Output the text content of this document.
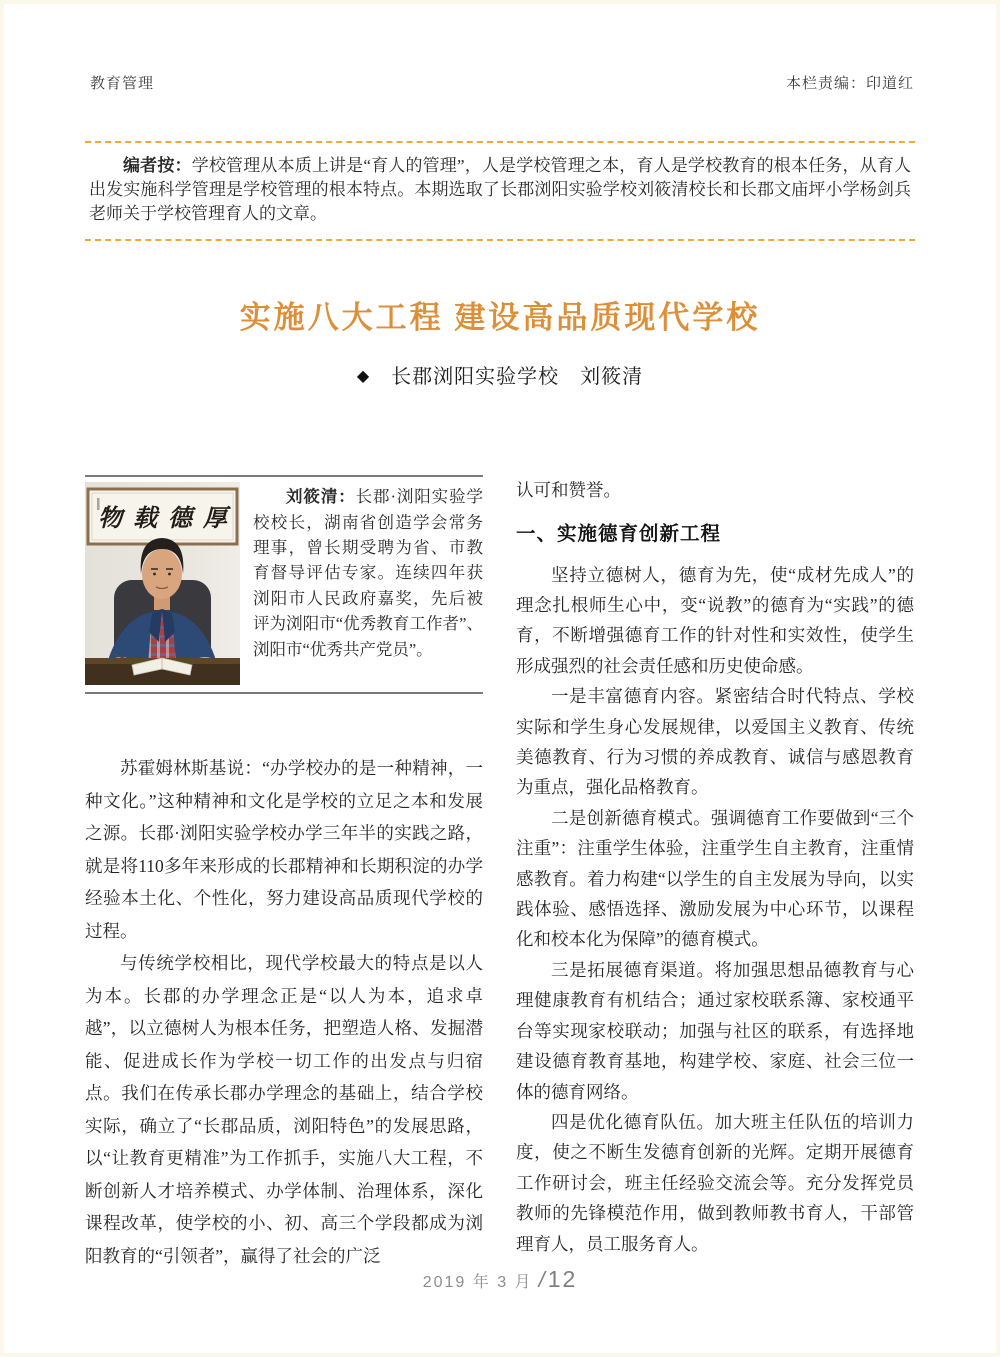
教育管理	本栏责编：印道红

编者按：学校管理从本质上讲是“育人的管理”，人是学校管理之本，育人是学校教育的根本任务，从育人出发实施科学管理是学校管理的根本特点。本期选取了长郡浏阳实验学校刘筱清校长和长郡文庙坪小学杨剑兵老师关于学校管理育人的文章。

实施八大工程 建设高品质现代学校
◆ 长郡浏阳实验学校　刘筱清
物载德厚

刘筱清：长郡·浏阳实验学校校长，湖南省创造学会常务理事，曾长期受聘为省、市教育督导评估专家。连续四年获浏阳市人民政府嘉奖，先后被评为浏阳市“优秀教育工作者”、浏阳市“优秀共产党员”。

苏霍姆林斯基说：“办学校办的是一种精神，一种文化。”这种精神和文化是学校的立足之本和发展之源。长郡·浏阳实验学校办学三年半的实践之路，就是将110多年来形成的长郡精神和长期积淀的办学经验本土化、个性化，努力建设高品质现代学校的过程。

与传统学校相比，现代学校最大的特点是以人为本。长郡的办学理念正是“以人为本，追求卓越”，以立德树人为根本任务，把塑造人格、发掘潜能、促进成长作为学校一切工作的出发点与归宿点。我们在传承长郡办学理念的基础上，结合学校实际，确立了“长郡品质，浏阳特色”的发展思路，以“让教育更精准”为工作抓手，实施八大工程，不断创新人才培养模式、办学体制、治理体系，深化课程改革，使学校的小、初、高三个学段都成为浏阳教育的“引领者”，赢得了社会的广泛

认可和赞誉。

一、实施德育创新工程

坚持立德树人，德育为先，使“成材先成人”的理念扎根师生心中，变“说教”的德育为“实践”的德育，不断增强德育工作的针对性和实效性，使学生形成强烈的社会责任感和历史使命感。

一是丰富德育内容。紧密结合时代特点、学校实际和学生身心发展规律，以爱国主义教育、传统美德教育、行为习惯的养成教育、诚信与感恩教育为重点，强化品格教育。

二是创新德育模式。强调德育工作要做到“三个注重”：注重学生体验，注重学生自主教育，注重情感教育。着力构建“以学生的自主发展为导向，以实践体验、感悟选择、激励发展为中心环节，以课程化和校本化为保障”的德育模式。

三是拓展德育渠道。将加强思想品德教育与心理健康教育有机结合；通过家校联系簿、家校通平台等实现家校联动；加强与社区的联系，有选择地建设德育教育基地，构建学校、家庭、社会三位一体的德育网络。

四是优化德育队伍。加大班主任队伍的培训力度，使之不断生发德育创新的光辉。定期开展德育工作研讨会，班主任经验交流会等。充分发挥党员教师的先锋模范作用，做到教师教书育人，干部管理育人，员工服务育人。

2019 年 3 月 /12
